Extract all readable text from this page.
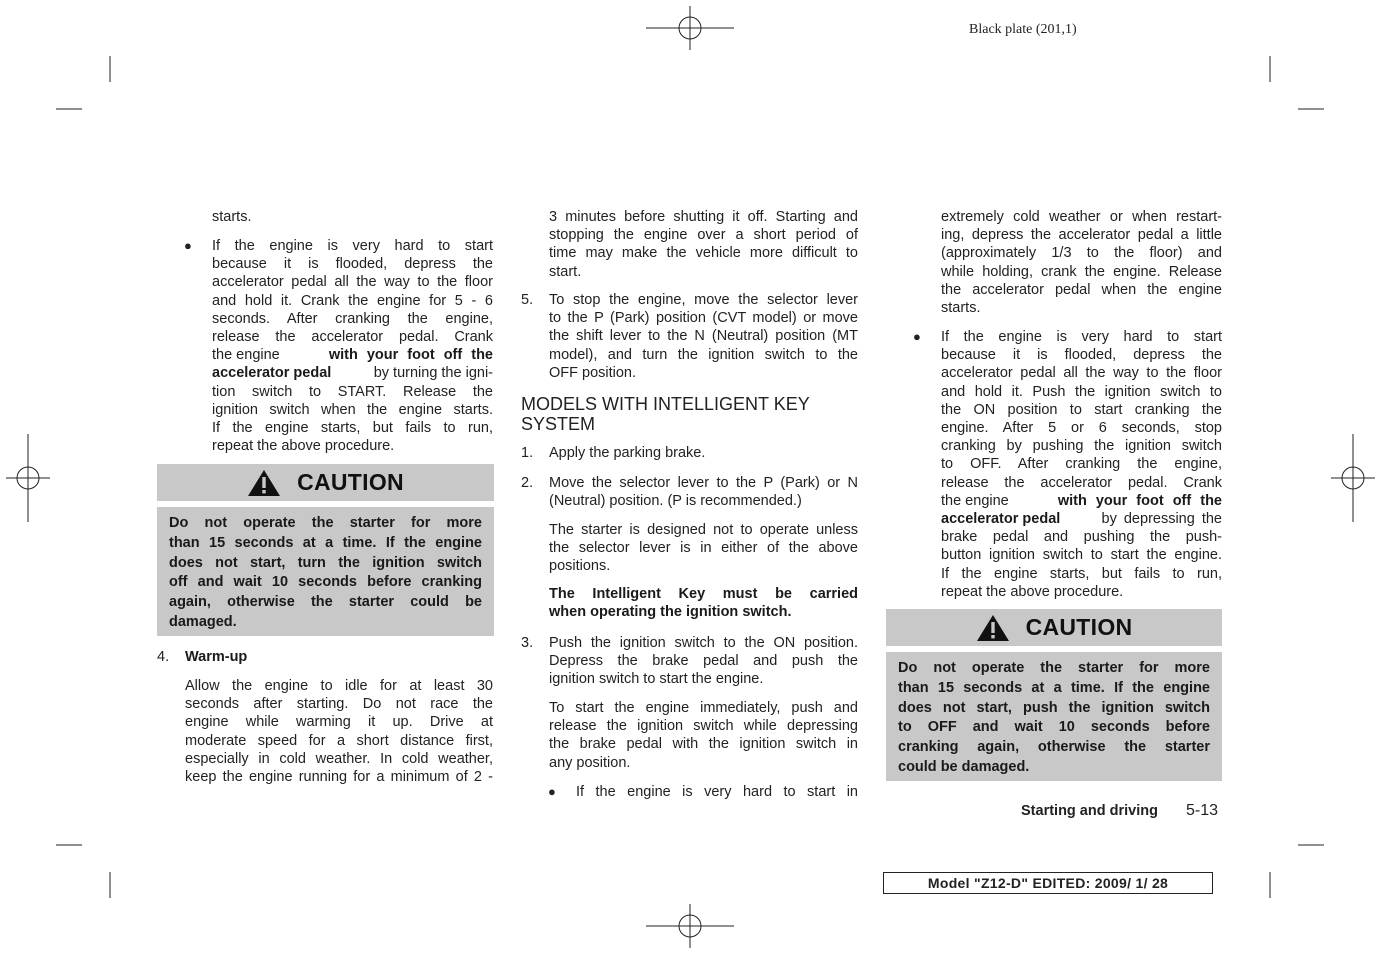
Black plate (201,1)

starts.

● If the engine is very hard to start
because it is flooded, depress the
accelerator pedal all the way to the floor
and hold it. Crank the engine for 5 - 6
seconds. After cranking the engine,
release the accelerator pedal. Crank
the engine	with your foot off the
accelerator pedal	by turning the igni-
tion switch to START. Release the
ignition switch when the engine starts.
If the engine starts, but fails to run,
repeat the above procedure.
CAUTION
Do not operate the starter for more
than 15 seconds at a time. If the engine
does not start, turn the ignition switch
off and wait 10 seconds before cranking
again, otherwise the starter could be
damaged.
4. Warm-up
Allow the engine to idle for at least 30
seconds after starting. Do not race the
engine while warming it up. Drive at
moderate speed for a short distance first,
especially in cold weather. In cold weather,
keep the engine running for a minimum of 2 -
3 minutes before shutting it off. Starting and
stopping the engine over a short period of
time may make the vehicle more difficult to
start.
5. To stop the engine, move the selector lever
to the P (Park) position (CVT model) or move
the shift lever to the N (Neutral) position (MT
model), and turn the ignition switch to the
OFF position.
MODELS WITH INTELLIGENT KEY
SYSTEM
1. Apply the parking brake.
2. Move the selector lever to the P (Park) or N
(Neutral) position. (P is recommended.)
The starter is designed not to operate unless
the selector lever is in either of the above
positions.
The Intelligent Key must be carried
when operating the ignition switch.
3. Push the ignition switch to the ON position.
Depress the brake pedal and push the
ignition switch to start the engine.
To start the engine immediately, push and
release the ignition switch while depressing
the brake pedal with the ignition switch in
any position.
● If the engine is very hard to start in
extremely cold weather or when restart-
ing, depress the accelerator pedal a little
(approximately 1/3 to the floor) and
while holding, crank the engine. Release
the accelerator pedal when the engine
starts.
● If the engine is very hard to start
because it is flooded, depress the
accelerator pedal all the way to the floor
and hold it. Push the ignition switch to
the ON position to start cranking the
engine. After 5 or 6 seconds, stop
cranking by pushing the ignition switch
to OFF. After cranking the engine,
release the accelerator pedal. Crank
the engine	with your foot off the
accelerator pedal by depressing the
brake pedal and pushing the push-
button ignition switch to start the engine.
If the engine starts, but fails to run,
repeat the above procedure.
CAUTION
Do not operate the starter for more
than 15 seconds at a time. If the engine
does not start, push the ignition switch
to OFF and wait 10 seconds before
cranking again, otherwise the starter
could be damaged.
Starting and driving 5-13
Model "Z12-D" EDITED: 2009/ 1/ 28
